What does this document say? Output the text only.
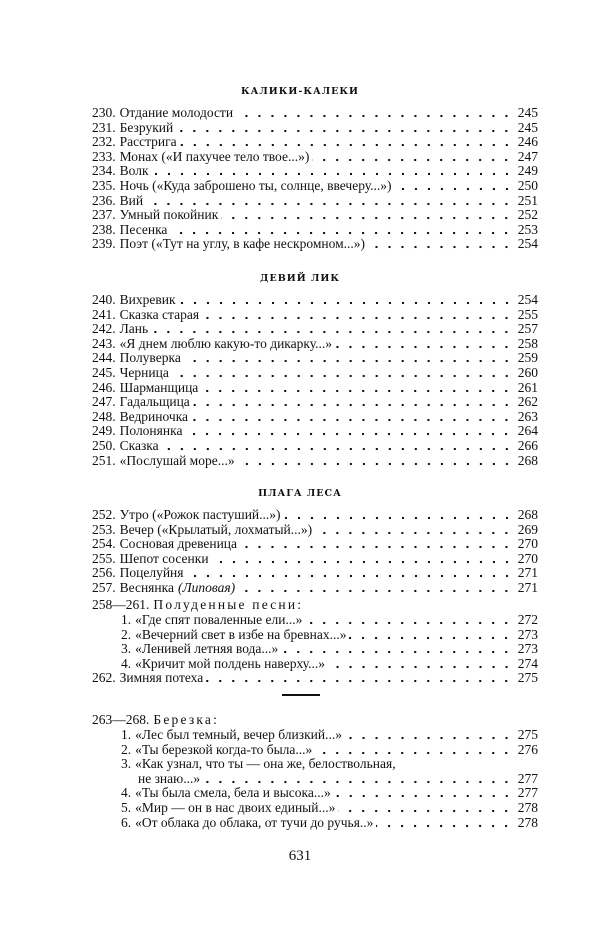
КАЛИКИ-КАЛЕКИ
ДЕВИЙ ЛИК
ПЛАГА ЛЕСА
258—261. Полуденные песни:
263—268. Березка:
631
230. Отдание молодости	245
231. Безрукий	245
232. Расстрига	246
233. Монах («И пахучее тело твое...»)	247
234. Волк	249
235. Ночь («Куда заброшено ты, солнце, ввечеру...»)	250
236. Вий	251
237. Умный покойник	252
238. Песенка	253
239. Поэт («Тут на углу, в кафе нескромном...»)	254
240. Вихревик	254
241. Сказка старая	255
242. Лань	257
243. «Я днем люблю какую-то дикарку...»	258
244. Полуверка	259
245. Черница	260
246. Шарманщица	261
247. Гадальщица	262
248. Ведриночка	263
249. Полонянка	264
250. Сказка	266
251. «Послушай море...»	268
252. Утро («Рожок пастуший...»)	268
253. Вечер («Крылатый, лохматый...»)	269
254. Сосновая древеница	270
255. Шепот сосенки	270
256. Поцелуйня	271
257. Веснянка (Липовая)	271
1. «Где спят поваленные ели...»	272
2. «Вечерний свет в избе на бревнах...»	273
3. «Ленивей летняя вода...»	273
4. «Кричит мой полдень наверху...»	274
262. Зимняя потеха	275
1. «Лес был темный, вечер близкий...»	275
2. «Ты березкой когда-то была...»	276
3. «Как узнал, что ты — она же, белоствольная,
не знаю...»	277
4. «Ты была смела, бела и высока...»	277
5. «Мир — он в нас двоих единый...»	278
6. «От облака до облака, от тучи до ручья..»	278
